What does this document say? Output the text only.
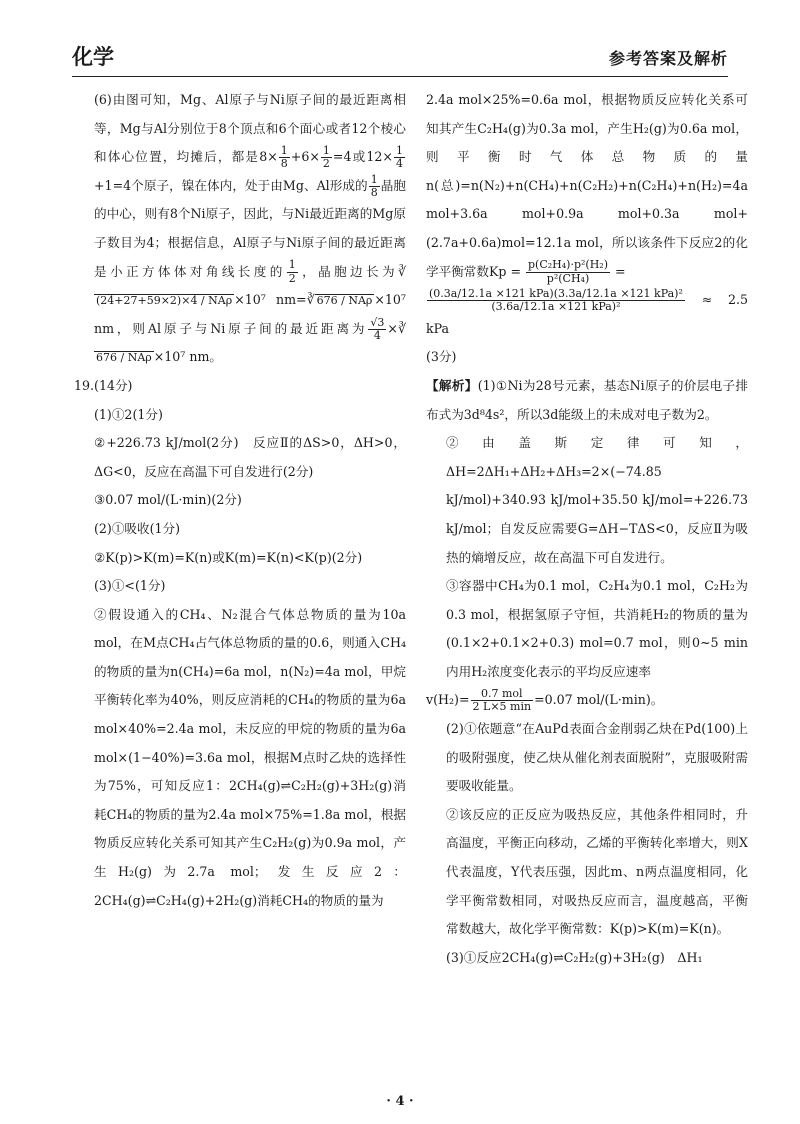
化学	参考答案及解析

(6)由图可知，Mg、Al原子与Ni原子间的最近距离相等，Mg与Al分别位于8个顶点和6个面心或者12个棱心和体心位置，均摊后，都是$8\times \frac{1}{8} +6\times \frac{1}{2} =4$或$12\times \frac{1}{4}$
+1=4个原子，镍在体内，处于由Mg、Al形成的 $\frac{1}{8}$ 晶胞的中心，则有8个Ni原子，因此，与Ni最近距离的Mg原子数目为4；根据信息，Al原子与Ni原子间的最近距离是小正方体体对角线长度的 $\frac{1}{2}$ ，晶胞边长为∛(24+27+59×2)×4 / NAρ ×10⁷ nm=∛ 676 / NAρ ×10⁷ nm，则Al原子与Ni原子间的最近距离为 $\frac{√3}{4}$ ×∛676 / NAρ ×10⁷ nm。

19.(14分)

(1)①2(1分)

②+226.73 kJ/mol(2分)　反应Ⅱ的ΔS>0，ΔH>0，ΔG<0，反应在高温下可自发进行(2分)

③0.07 mol/(L·min)(2分)

(2)①吸收(1分)

②K(p)>K(m)=K(n)或K(m)=K(n)<K(p)(2分)

(3)①<(1分)

②假设通入的CH₄、N₂混合气体总物质的量为10a mol，在M点CH₄占气体总物质的量的0.6，则通入CH₄的物质的量为n(CH₄)=6a mol，n(N₂)=4a mol，甲烷平衡转化率为40%，则反应消耗的CH₄的物质的量为6a mol×40%=2.4a mol，未反应的甲烷的物质的量为6a mol×(1−40%)=3.6a mol，根据M点时乙炔的选择性为75%，可知反应1：2CH₄(g)⇌C₂H₂(g)+3H₂(g)消耗CH₄的物质的量为2.4a mol×75%=1.8a mol，根据物质反应转化关系可知其产生C₂H₂(g)为0.9a mol，产生H₂(g)为2.7a mol；发生反应2：2CH₄(g)⇌C₂H₄(g)+2H₂(g)消耗CH₄的物质的量为

2.4a mol×25%=0.6a mol，根据物质反应转化关系可知其产生C₂H₄(g)为0.3a mol，产生H₂(g)为0.6a mol，则平衡时气体总物质的量n(总)=n(N₂)+n(CH₄)+n(C₂H₂)+n(C₂H₄)+n(H₂)=4a mol+3.6a mol+0.9a mol+0.3a mol+(2.7a+0.6a)mol=12.1a mol，所以该条件下反应2的化学平衡常数$Kp = \frac{\text{p(C₂H₄)·p²(H₂)}}{\text{p²(CH₄)}}$ =

$\frac{\text{(0.3a/12.1a ×121 kPa)(3.3a/12.1a ×121 kPa)²}}{\text{(3.6a/12.1a ×121 kPa)²}} \approx 2.5$ kPa

(3分)

【解析】(1)①Ni为28号元素，基态Ni原子的价层电子排布式为3d⁸4s²，所以3d能级上的未成对电子数为2。

②由盖斯定律可知，ΔH=2ΔH₁+ΔH₂+ΔH₃=2×(−74.85 kJ/mol)+340.93 kJ/mol+35.50 kJ/mol=+226.73 kJ/mol；自发反应需要G=ΔH−TΔS<0，反应Ⅱ为吸热的熵增反应，故在高温下可自发进行。

③容器中CH₄为0.1 mol，C₂H₄为0.1 mol，C₂H₂为0.3 mol，根据氢原子守恒，共消耗H₂的物质的量为(0.1×2+0.1×2+0.3) mol=0.7 mol，则0~5 min内用H₂浓度变化表示的平均反应速率

$v(H_2)= \frac{\text{0.7 mol}}{2 L\times 5 \min} =0.07$ mol/(L·min)。

(2)①依题意“在AuPd表面合金削弱乙炔在Pd(100)上的吸附强度，使乙炔从催化剂表面脱附”，克服吸附需要吸收能量。

②该反应的正反应为吸热反应，其他条件相同时，升高温度，平衡正向移动，乙烯的平衡转化率增大，则X代表温度，Y代表压强，因此m、n两点温度相同，化学平衡常数相同，对吸热反应而言，温度越高，平衡常数越大，故化学平衡常数：K(p)>K(m)=K(n)。

(3)①反应2CH₄(g)⇌C₂H₂(g)+3H₂(g)　ΔH₁

· 4 ·
